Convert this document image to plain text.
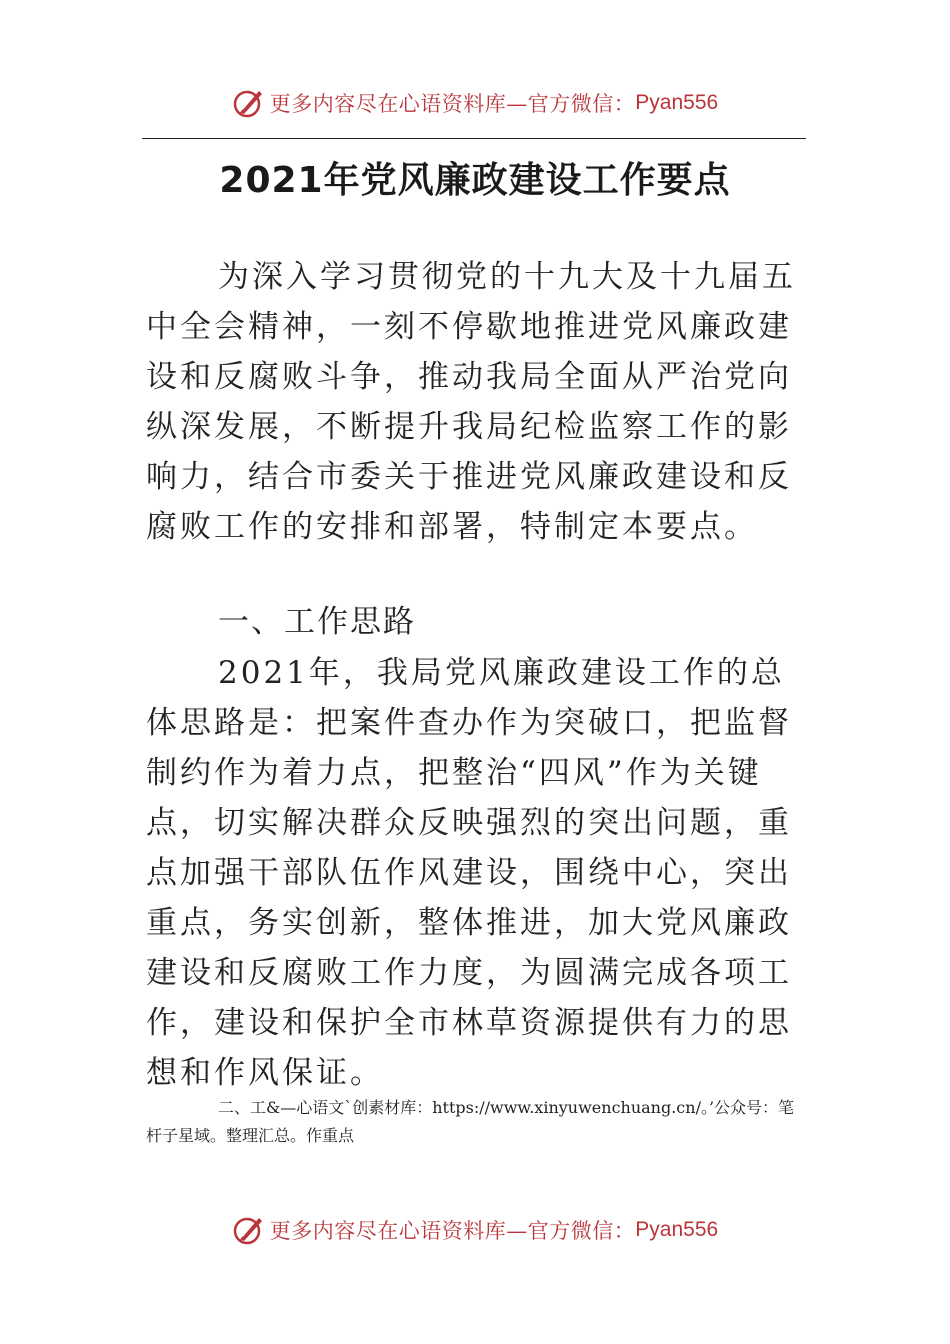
更多内容尽在心语资料库—官方微信： Pyan556
2021年党风廉政建设工作要点

为深入学习贯彻党的十九大及十九届五中全会精神，一刻不停歇地推进党风廉政建设和反腐败斗争，推动我局全面从严治党向纵深发展，不断提升我局纪检监察工作的影响力，结合市委关于推进党风廉政建设和反腐败工作的安排和部署，特制定本要点。

一、工作思路

2021年，我局党风廉政建设工作的总体思路是：把案件查办作为突破口，把监督制约作为着力点，把整治“四风”作为关键点，切实解决群众反映强烈的突出问题，重点加强干部队伍作风建设，围绕中心，突出重点，务实创新，整体推进，加大党风廉政建设和反腐败工作力度，为圆满完成各项工作，建设和保护全市林草资源提供有力的思想和作风保证。

二、工&—心语文`创素材库：https://www.xinyuwenchuang.cn/。’公众号：笔杆子星域。整理汇总。作重点

更多内容尽在心语资料库—官方微信： Pyan556
